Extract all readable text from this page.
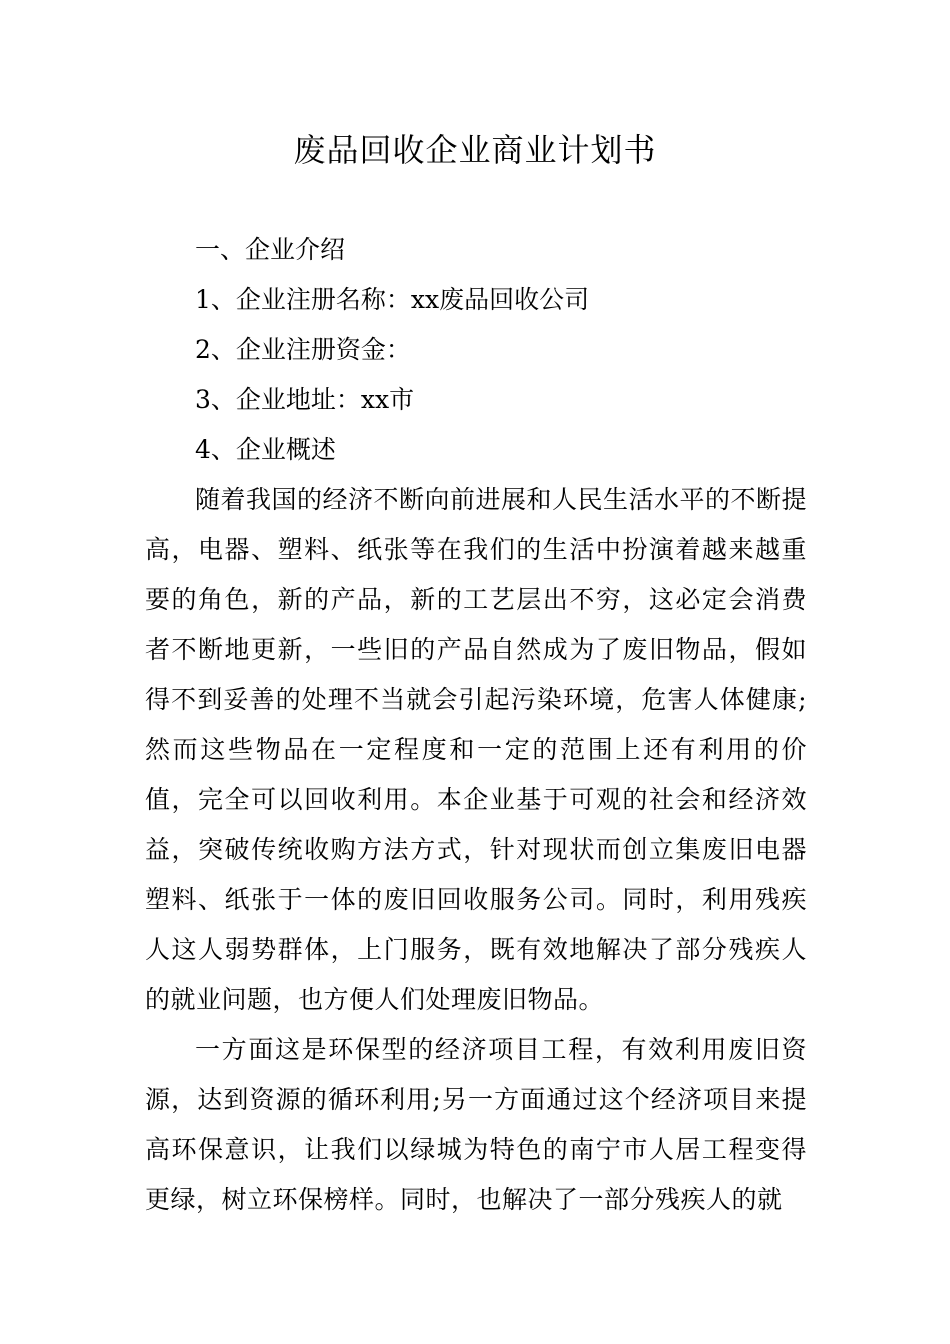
废品回收企业商业计划书

一、企业介绍

1、企业注册名称：xx废品回收公司

2、企业注册资金：

3、企业地址：xx市

4、企业概述

随着我国的经济不断向前进展和人民生活水平的不断提高，电器、塑料、纸张等在我们的生活中扮演着越来越重要的角色，新的产品，新的工艺层出不穷，这必定会消费者不断地更新，一些旧的产品自然成为了废旧物品，假如得不到妥善的处理不当就会引起污染环境，危害人体健康;然而这些物品在一定程度和一定的范围上还有利用的价值，完全可以回收利用。本企业基于可观的社会和经济效益，突破传统收购方法方式，针对现状而创立集废旧电器塑料、纸张于一体的废旧回收服务公司。同时，利用残疾人这人弱势群体，上门服务，既有效地解决了部分残疾人的就业问题，也方便人们处理废旧物品。

一方面这是环保型的经济项目工程，有效利用废旧资源，达到资源的循环利用;另一方面通过这个经济项目来提高环保意识，让我们以绿城为特色的南宁市人居工程变得更绿，树立环保榜样。同时，也解决了一部分残疾人的就
